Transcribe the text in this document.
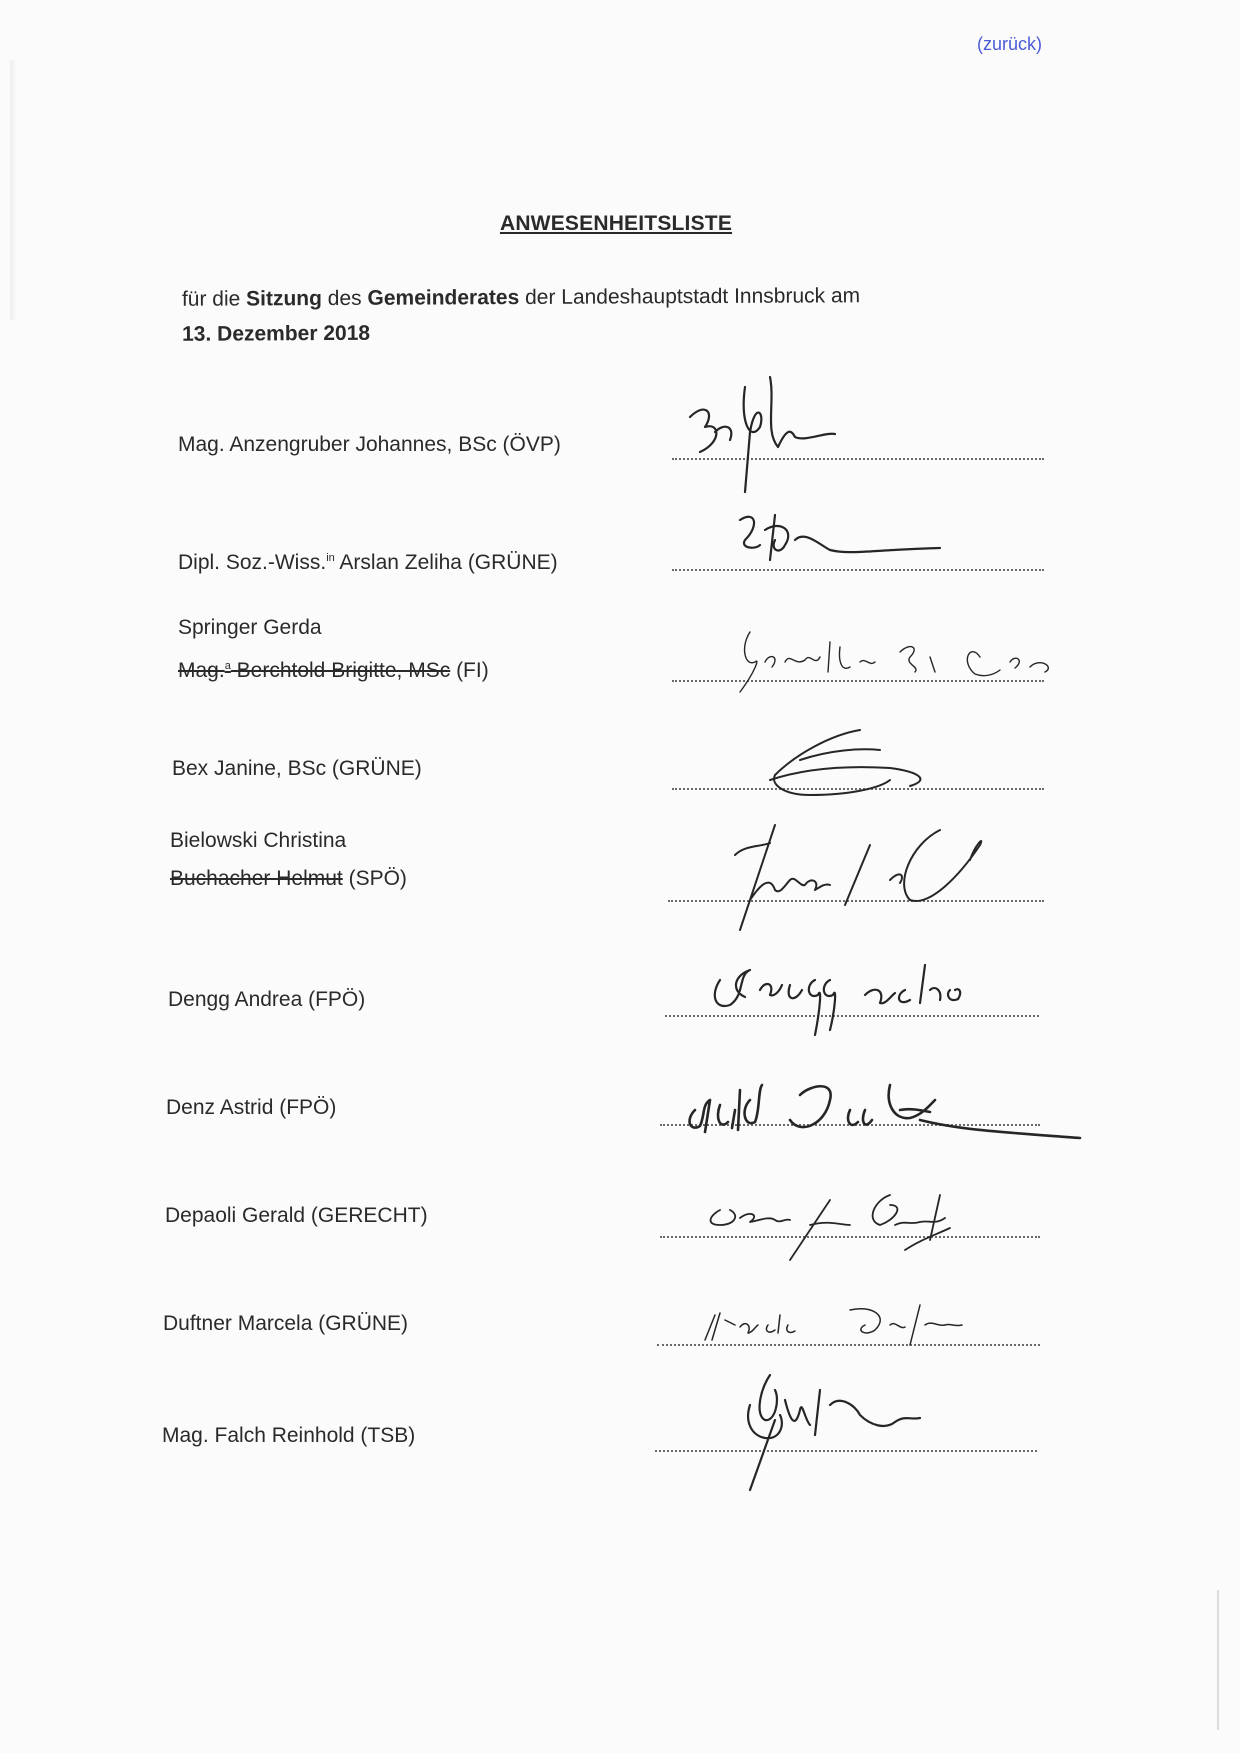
(zurück)
ANWESENHEITSLISTE
für die Sitzung des Gemeinderates der Landeshauptstadt Innsbruck am
13. Dezember 2018
Mag. Anzengruber Johannes, BSc (ÖVP)
Dipl. Soz.-Wiss.$^{in}$ Arslan Zeliha (GRÜNE)
Springer Gerda
Mag.$^a$ Berchtold Brigitte, MSc (FI)
Bex Janine, BSc (GRÜNE)
Bielowski Christina
Buchacher Helmut (SPÖ)
Dengg Andrea (FPÖ)
Denz Astrid (FPÖ)
Depaoli Gerald (GERECHT)
Duftner Marcela (GRÜNE)
Mag. Falch Reinhold (TSB)
